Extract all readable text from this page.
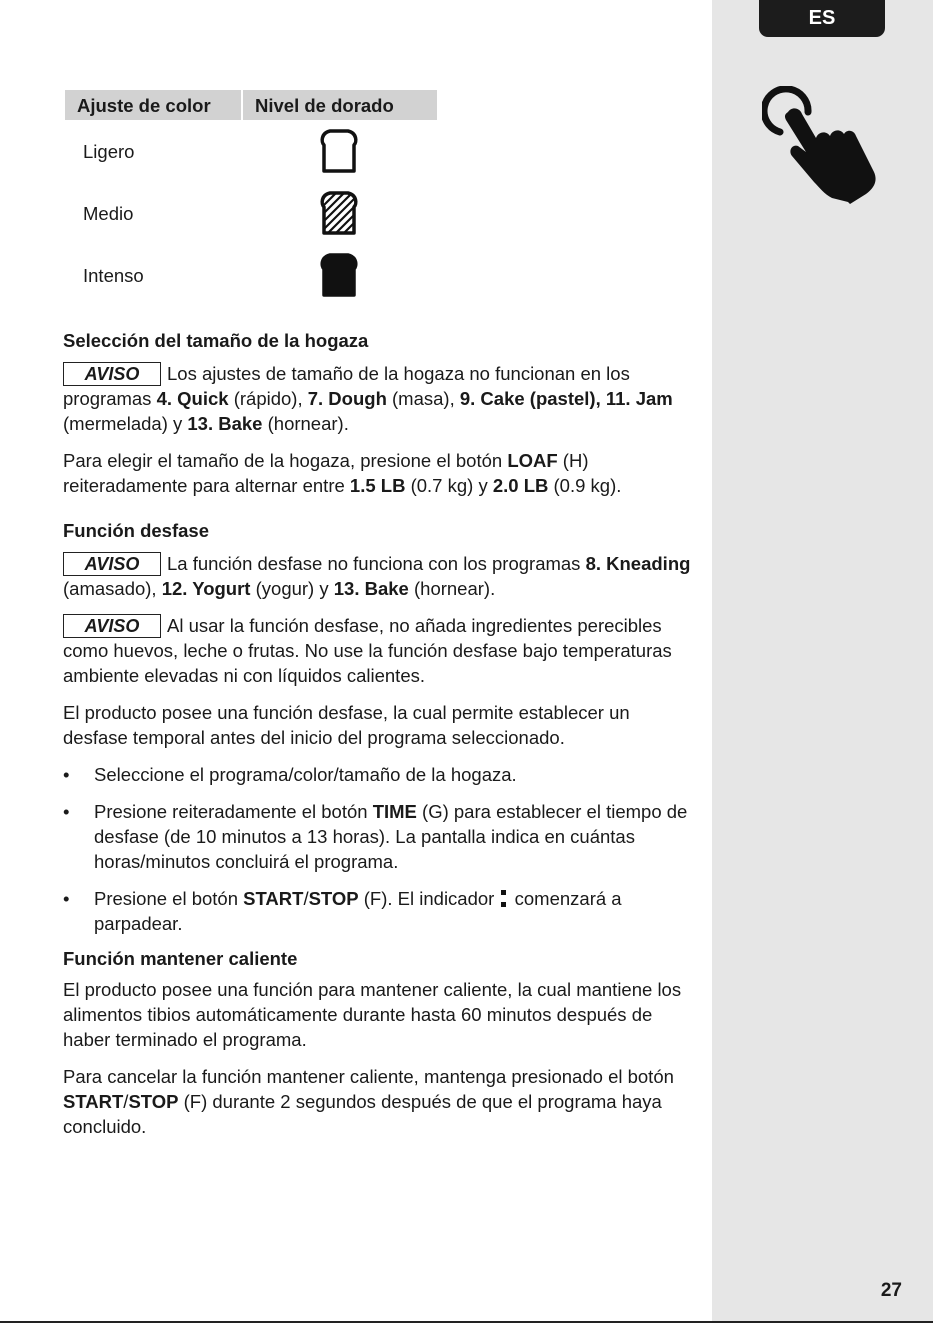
ES
Ajuste de color	Nivel de dorado
Ligero	

Medio	

Intenso	
Selección del tamaño de la hogaza

AVISO Los ajustes de tamaño de la hogaza no funcionan en los programas 4. Quick (rápido), 7. Dough (masa), 9. Cake (pastel), 11. Jam (mermelada) y 13. Bake (hornear).

Para elegir el tamaño de la hogaza, presione el botón LOAF (H) reiteradamente para alternar entre 1.5 LB (0.7 kg) y 2.0 LB (0.9 kg).

Función desfase

AVISO La función desfase no funciona con los programas 8. Kneading (amasado), 12. Yogurt (yogur) y 13. Bake (hornear).

AVISO Al usar la función desfase, no añada ingredientes perecibles como huevos, leche o frutas. No use la función desfase bajo temperaturas ambiente elevadas ni con líquidos calientes.

El producto posee una función desfase, la cual permite establecer un desfase temporal antes del inicio del programa seleccionado.

• Seleccione el programa/color/tamaño de la hogaza.
• Presione reiteradamente el botón TIME (G) para establecer el tiempo de desfase (de 10 minutos a 13 horas). La pantalla indica en cuántas horas/minutos concluirá el programa.
• Presione el botón START/STOP (F). El indicador
comenzará a parpadear.
Función mantener caliente

El producto posee una función para mantener caliente, la cual mantiene los alimentos tibios automáticamente durante hasta 60 minutos después de haber terminado el programa.

Para cancelar la función mantener caliente, mantenga presionado el botón START/STOP (F) durante 2 segundos después de que el programa haya concluido.

27
